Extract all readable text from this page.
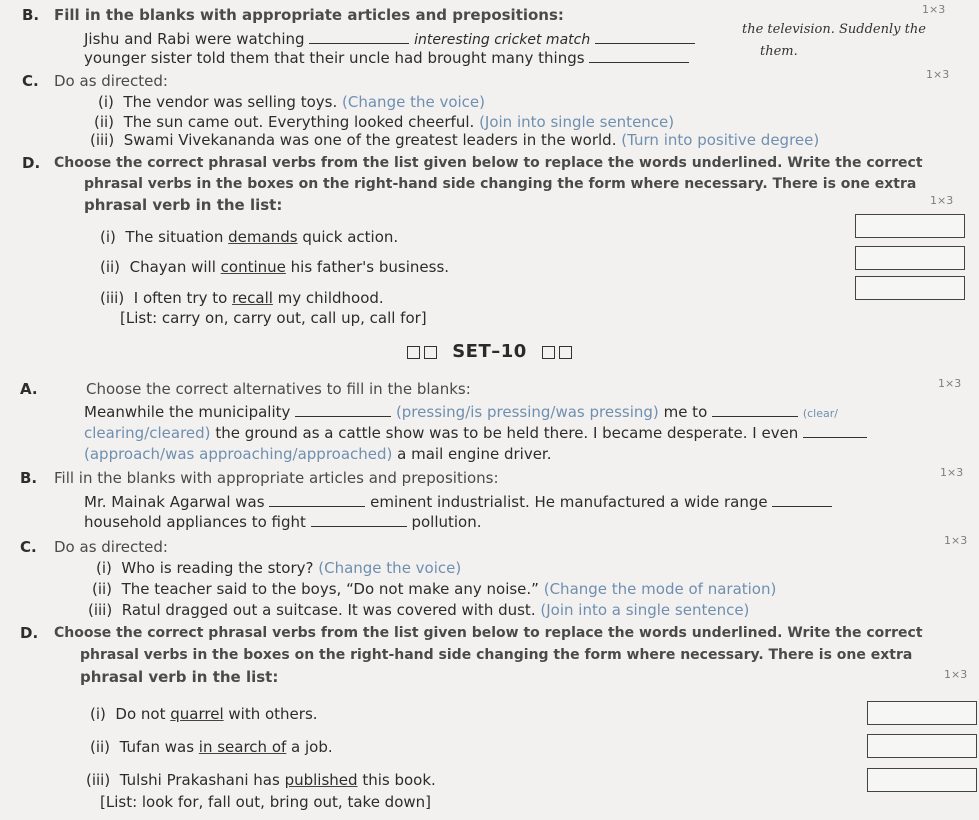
B. Fill in the blanks with appropriate articles and prepositions:	1×3
Jishu and Rabi were watching	interesting cricket match
the television. Suddenly the
younger sister told them that their uncle had brought many things	them.
C. Do as directed:	1×3
(i) The vendor was selling toys. (Change the voice)
(ii) The sun came out. Everything looked cheerful. (Join into single sentence)
(iii) Swami Vivekananda was one of the greatest leaders in the world. (Turn into positive degree)
D. Choose the correct phrasal verbs from the list given below to replace the words underlined. Write the correct
phrasal verbs in the boxes on the right-hand side changing the form where necessary. There is one extra
phrasal verb in the list:	1×3
(i) The situation demands quick action.
(ii) Chayan will continue his father's business.
(iii) I often try to recall my childhood.
[List: carry on, carry out, call up, call for]
SET–10
A.	Choose the correct alternatives to fill in the blanks:	1×3
Meanwhile the municipality	(pressing/is pressing/was pressing) me to	(clear/
clearing/cleared) the ground as a cattle show was to be held there. I became desperate. I even
(approach/was approaching/approached) a mail engine driver.
B. Fill in the blanks with appropriate articles and prepositions:	1×3
Mr. Mainak Agarwal was	eminent industrialist. He manufactured a wide range
household appliances to fight	pollution.
C. Do as directed:	1×3
(i) Who is reading the story? (Change the voice)
(ii) The teacher said to the boys, “Do not make any noise.” (Change the mode of naration)
(iii) Ratul dragged out a suitcase. It was covered with dust. (Join into a single sentence)
D. Choose the correct phrasal verbs from the list given below to replace the words underlined. Write the correct
phrasal verbs in the boxes on the right-hand side changing the form where necessary. There is one extra
phrasal verb in the list:	1×3
(i) Do not quarrel with others.
(ii) Tufan was in search of a job.
(iii) Tulshi Prakashani has published this book.
[List: look for, fall out, bring out, take down]
